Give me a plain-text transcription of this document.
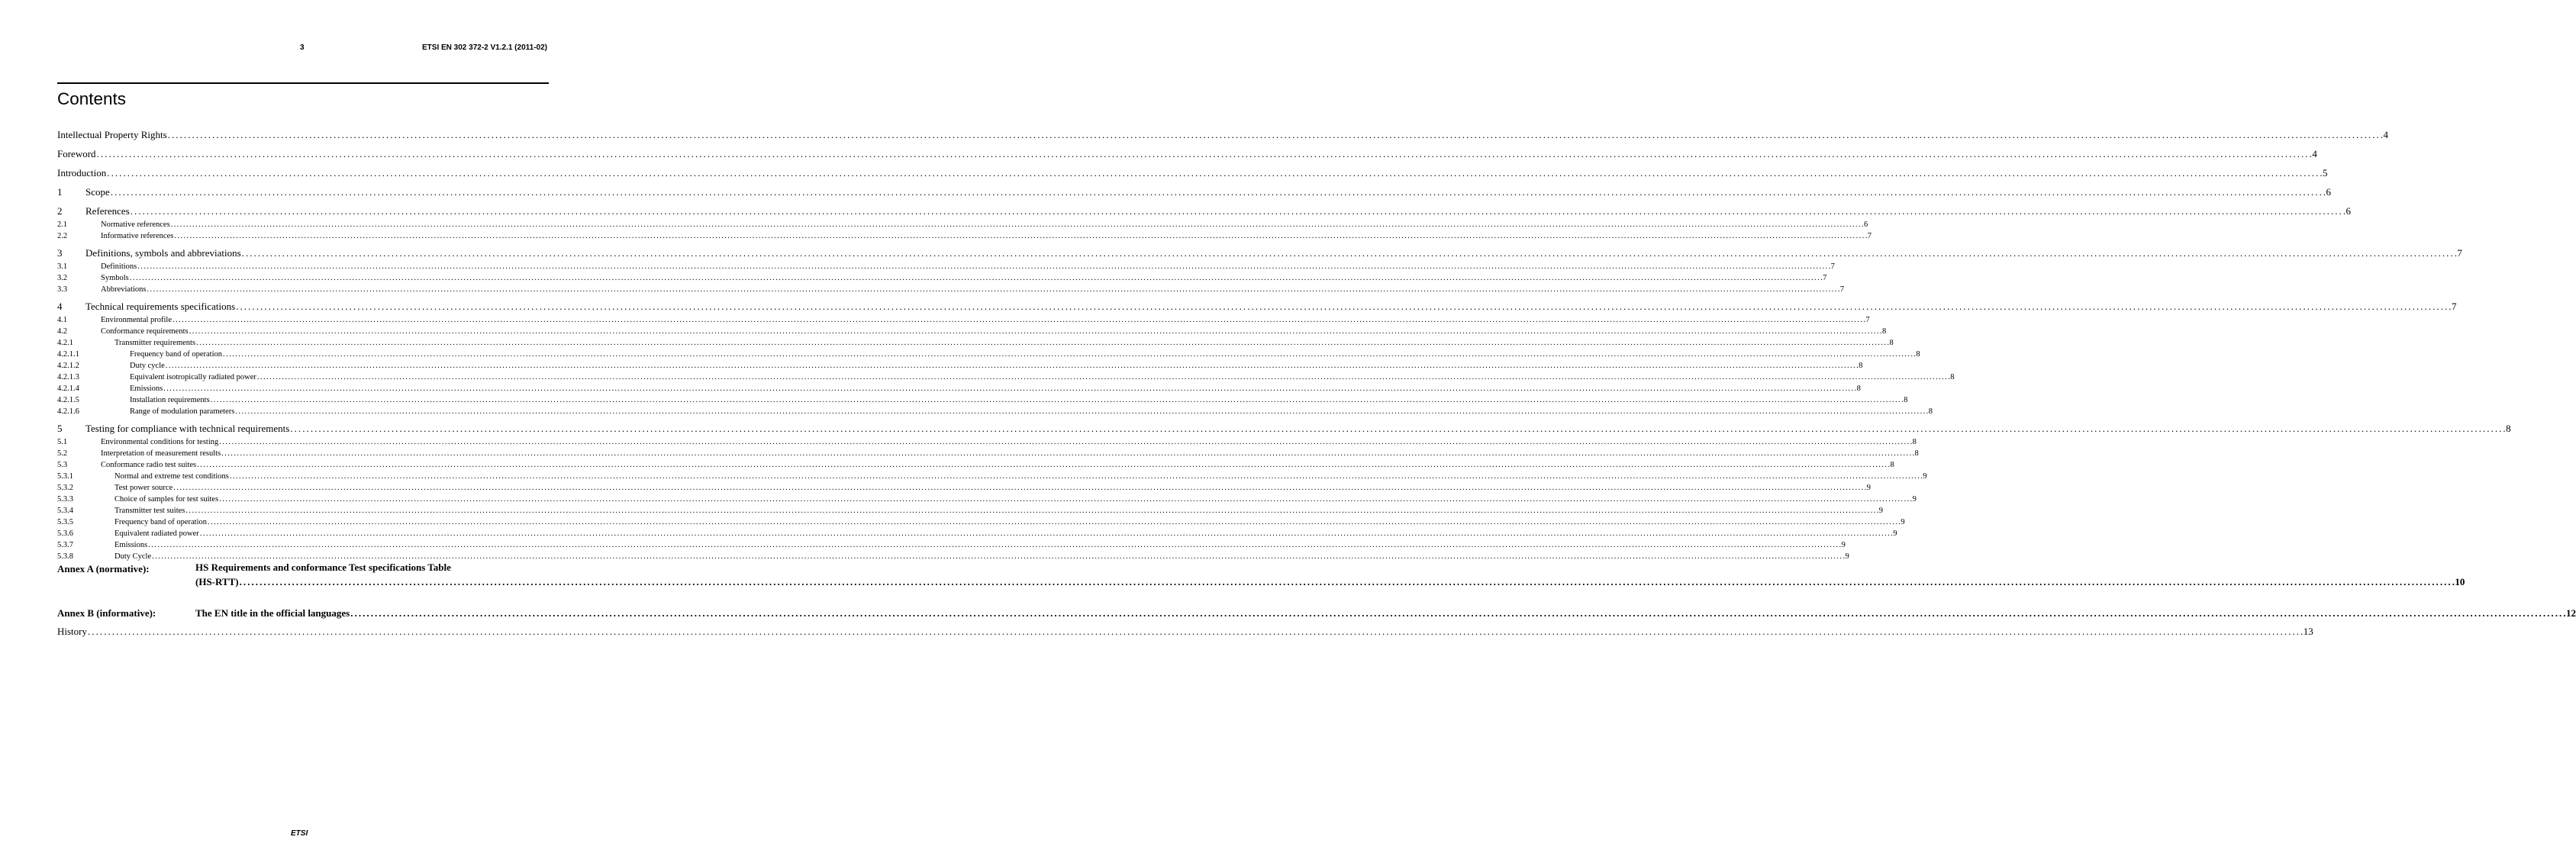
3	ETSI EN 302 372-2 V1.2.1 (2011-02)
Contents
Intellectual Property Rights . . .	4
Foreword . . .	4
Introduction . . .	5
1	Scope . . .	6
2	References . . .	6
2.1	Normative references . . .	6
2.2	Informative references . . .	7
3	Definitions, symbols and abbreviations . . .	7
3.1	Definitions . . .	7
3.2	Symbols . . .	7
3.3	Abbreviations . . .	7
4	Technical requirements specifications . . .	7
4.1	Environmental profile . . .	7
4.2	Conformance requirements . . .	8
4.2.1	Transmitter requirements . . .	8
4.2.1.1	Frequency band of operation . . .	8
4.2.1.2	Duty cycle . . .	8
4.2.1.3	Equivalent isotropically radiated power . . .	8
4.2.1.4	Emissions . . .	8
4.2.1.5	Installation requirements . . .	8
4.2.1.6	Range of modulation parameters . . .	8
5	Testing for compliance with technical requirements . . .	8
5.1	Environmental conditions for testing . . .	8
5.2	Interpretation of measurement results . . .	8
5.3	Conformance radio test suites . . .	8
5.3.1	Normal and extreme test conditions . . .	9
5.3.2	Test power source . . .	9
5.3.3	Choice of samples for test suites . . .	9
5.3.4	Transmitter test suites . . .	9
5.3.5	Frequency band of operation . . .	9
5.3.6	Equivalent radiated power . . .	9
5.3.7	Emissions . . .	9
5.3.8	Duty Cycle . . .	9
Annex A (normative):	HS Requirements and conformance Test specifications Table
(HS-RTT) . . .	10
Annex B (informative):	The EN title in the official languages . . .	12
History . . .	13
ETSI
